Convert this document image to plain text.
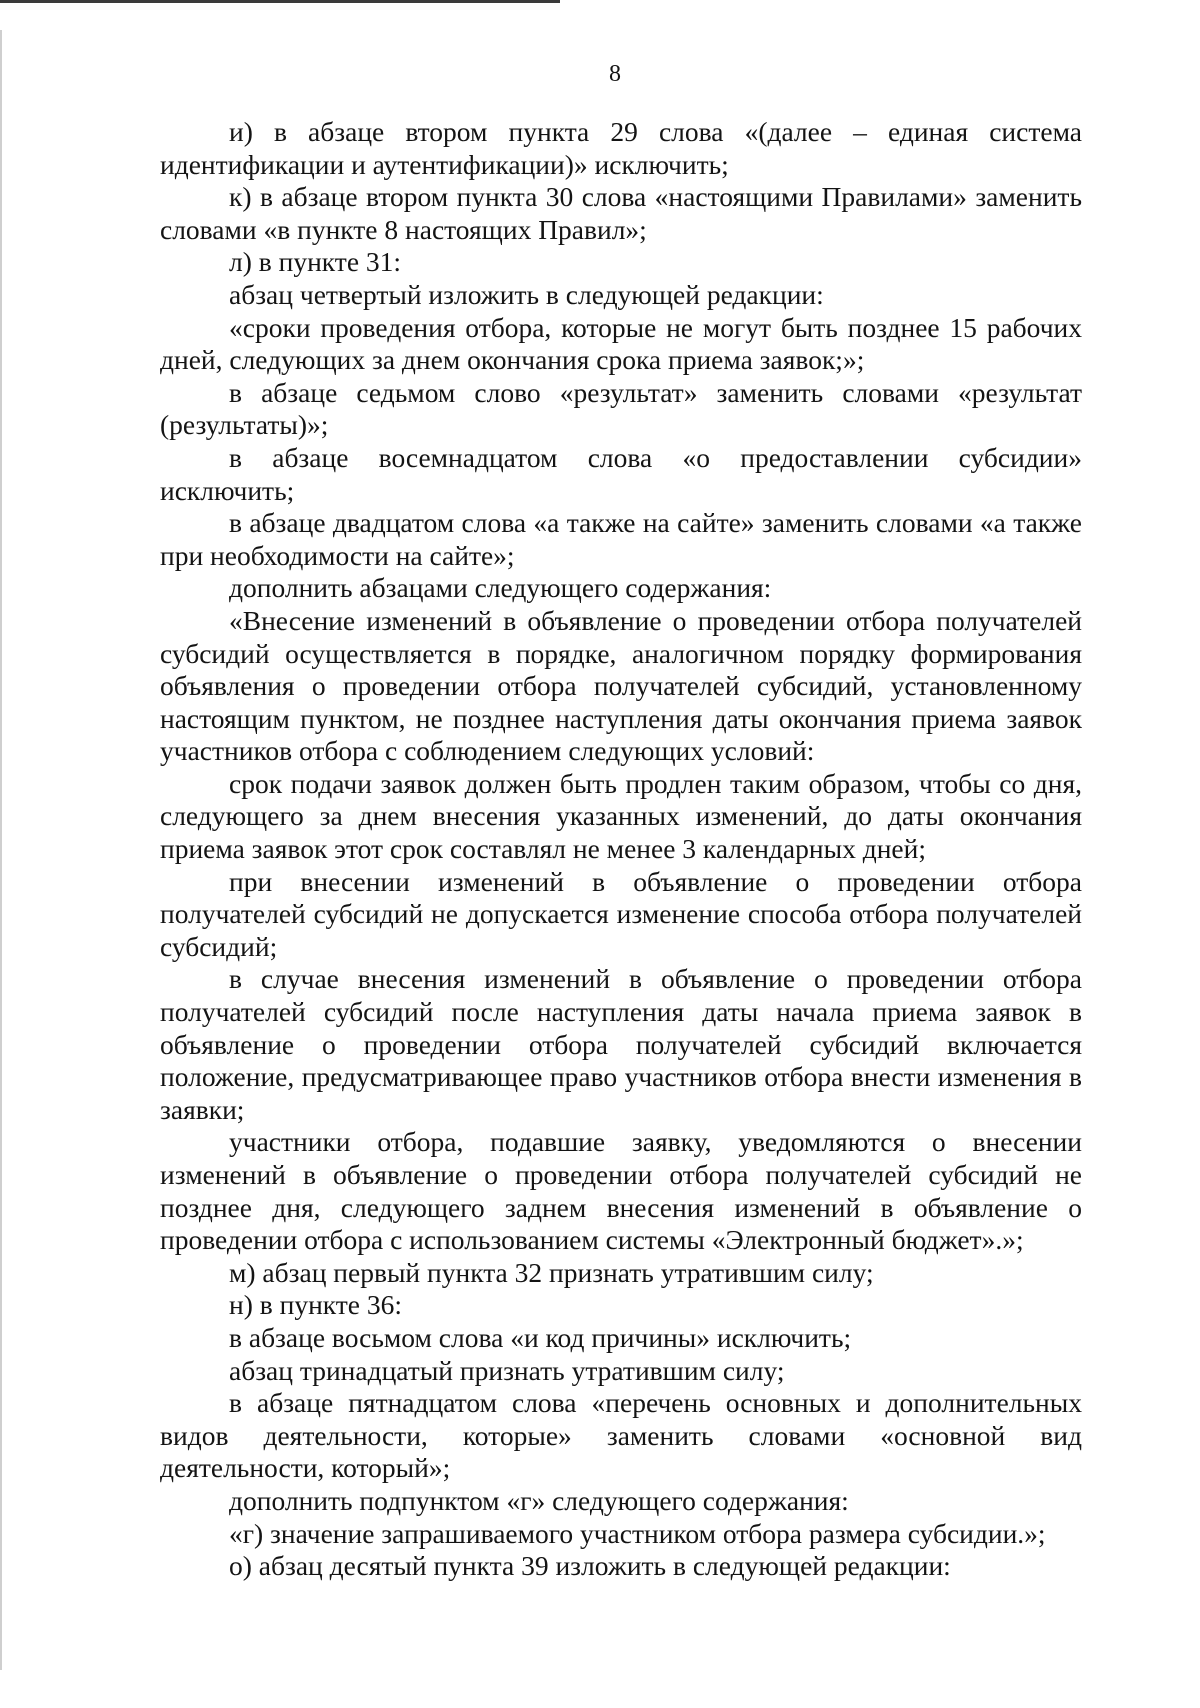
8

и) в абзаце втором пункта 29 слова «(далее – единая система идентификации и аутентификации)» исключить;

к) в абзаце втором пункта 30 слова «настоящими Правилами» заменить словами «в пункте 8 настоящих Правил»;

л) в пункте 31:

абзац четвертый изложить в следующей редакции:

«сроки проведения отбора, которые не могут быть позднее 15 рабочих дней, следующих за днем окончания срока приема заявок;»;

в абзаце седьмом слово «результат» заменить словами «результат (результаты)»;

в абзаце восемнадцатом слова «о предоставлении субсидии» исключить;

в абзаце двадцатом слова «а также на сайте» заменить словами «а также при необходимости на сайте»;

дополнить абзацами следующего содержания:

«Внесение изменений в объявление о проведении отбора получателей субсидий осуществляется в порядке, аналогичном порядку формирования объявления о проведении отбора получателей субсидий, установленному настоящим пунктом, не позднее наступления даты окончания приема заявок участников отбора с соблюдением следующих условий:

срок подачи заявок должен быть продлен таким образом, чтобы со дня, следующего за днем внесения указанных изменений, до даты окончания приема заявок этот срок составлял не менее 3 календарных дней;

при внесении изменений в объявление о проведении отбора получателей субсидий не допускается изменение способа отбора получателей субсидий;

в случае внесения изменений в объявление о проведении отбора получателей субсидий после наступления даты начала приема заявок в объявление о проведении отбора получателей субсидий включается положение, предусматривающее право участников отбора внести изменения в заявки;

участники отбора, подавшие заявку, уведомляются о внесении изменений в объявление о проведении отбора получателей субсидий не позднее дня, следующего заднем внесения изменений в объявление о проведении отбора с использованием системы «Электронный бюджет».»;

м) абзац первый пункта 32 признать утратившим силу;

н) в пункте 36:

в абзаце восьмом слова «и код причины» исключить;

абзац тринадцатый признать утратившим силу;

в абзаце пятнадцатом слова «перечень основных и дополнительных видов деятельности, которые» заменить словами «основной вид деятельности, который»;

дополнить подпунктом «г» следующего содержания:

«г) значение запрашиваемого участником отбора размера субсидии.»;

о) абзац десятый пункта 39 изложить в следующей редакции:
